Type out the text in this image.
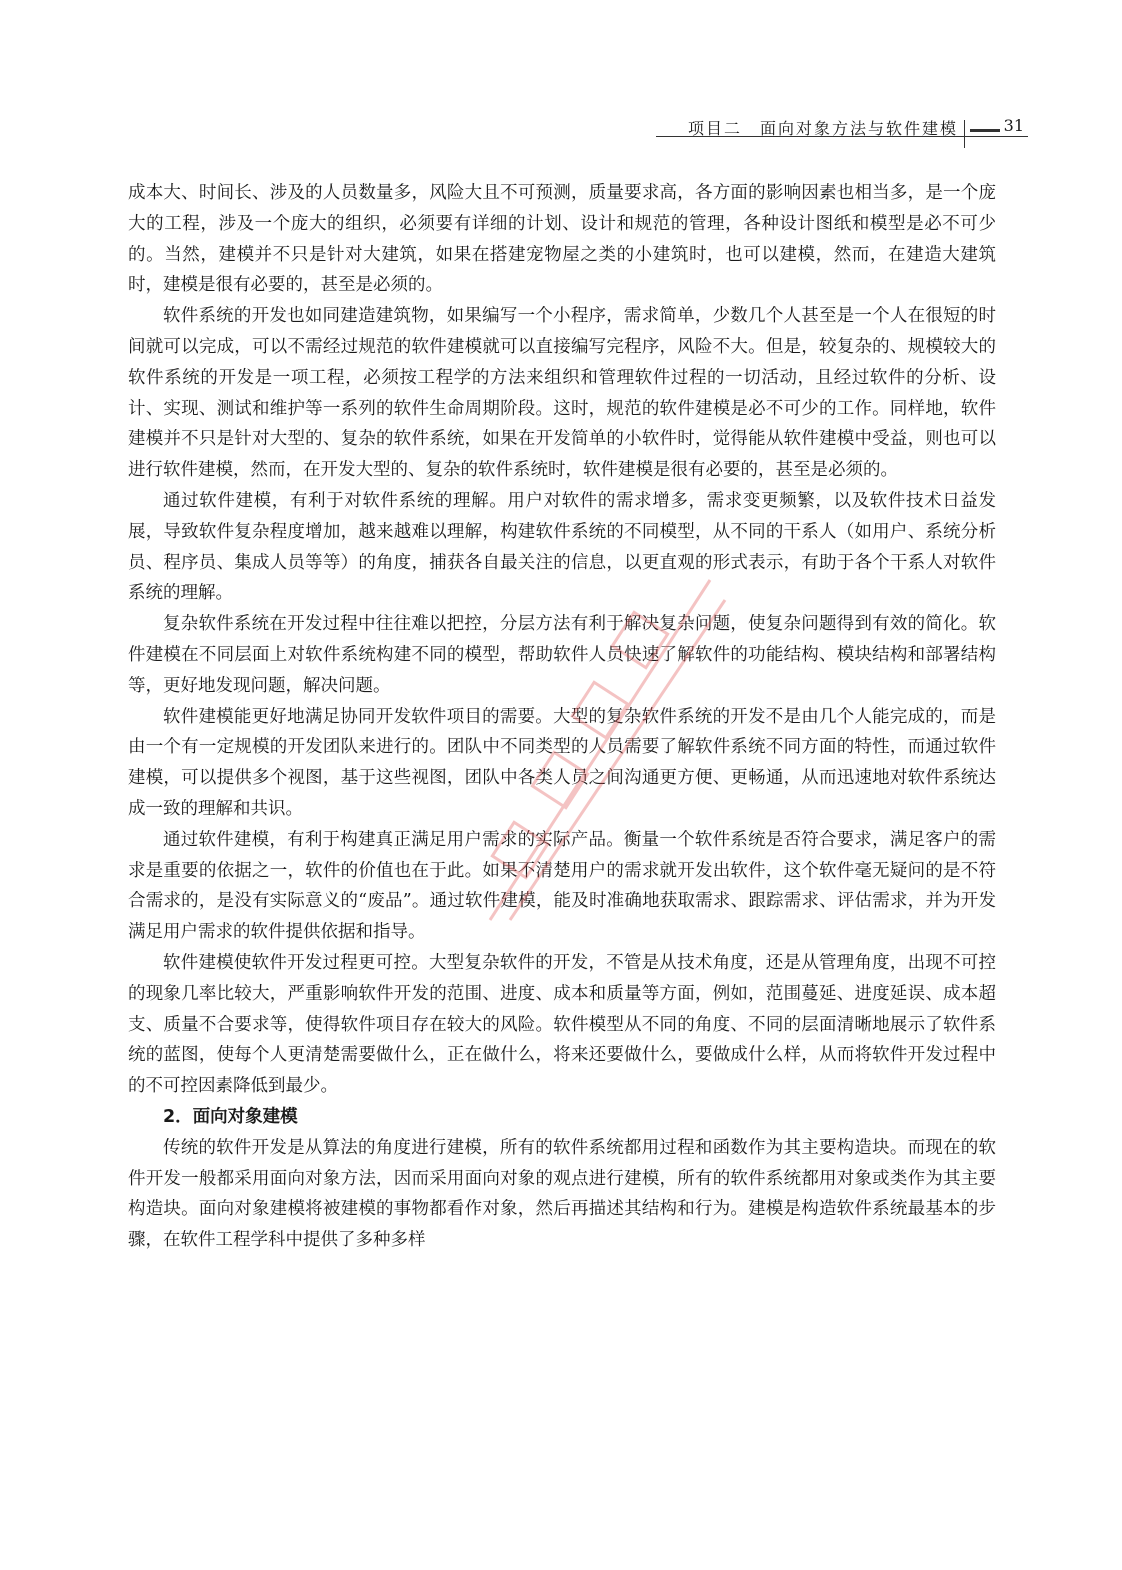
项目二　面向对象方法与软件建模	31

成本大、时间长、涉及的人员数量多，风险大且不可预测，质量要求高，各方面的影响因素也相当多，是一个庞大的工程，涉及一个庞大的组织，必须要有详细的计划、设计和规范的管理，各种设计图纸和模型是必不可少的。当然，建模并不只是针对大建筑，如果在搭建宠物屋之类的小建筑时，也可以建模，然而，在建造大建筑时，建模是很有必要的，甚至是必须的。

软件系统的开发也如同建造建筑物，如果编写一个小程序，需求简单，少数几个人甚至是一个人在很短的时间就可以完成，可以不需经过规范的软件建模就可以直接编写完程序，风险不大。但是，较复杂的、规模较大的软件系统的开发是一项工程，必须按工程学的方法来组织和管理软件过程的一切活动，且经过软件的分析、设计、实现、测试和维护等一系列的软件生命周期阶段。这时，规范的软件建模是必不可少的工作。同样地，软件建模并不只是针对大型的、复杂的软件系统，如果在开发简单的小软件时，觉得能从软件建模中受益，则也可以进行软件建模，然而，在开发大型的、复杂的软件系统时，软件建模是很有必要的，甚至是必须的。

通过软件建模，有利于对软件系统的理解。用户对软件的需求增多，需求变更频繁，以及软件技术日益发展，导致软件复杂程度增加，越来越难以理解，构建软件系统的不同模型，从不同的干系人（如用户、系统分析员、程序员、集成人员等等）的角度，捕获各自最关注的信息，以更直观的形式表示，有助于各个干系人对软件系统的理解。

复杂软件系统在开发过程中往往难以把控，分层方法有利于解决复杂问题，使复杂问题得到有效的简化。软件建模在不同层面上对软件系统构建不同的模型，帮助软件人员快速了解软件的功能结构、模块结构和部署结构等，更好地发现问题，解决问题。

软件建模能更好地满足协同开发软件项目的需要。大型的复杂软件系统的开发不是由几个人能完成的，而是由一个有一定规模的开发团队来进行的。团队中不同类型的人员需要了解软件系统不同方面的特性，而通过软件建模，可以提供多个视图，基于这些视图，团队中各类人员之间沟通更方便、更畅通，从而迅速地对软件系统达成一致的理解和共识。

通过软件建模，有利于构建真正满足用户需求的实际产品。衡量一个软件系统是否符合要求，满足客户的需求是重要的依据之一，软件的价值也在于此。如果不清楚用户的需求就开发出软件，这个软件毫无疑问的是不符合需求的，是没有实际意义的“废品”。通过软件建模，能及时准确地获取需求、跟踪需求、评估需求，并为开发满足用户需求的软件提供依据和指导。

软件建模使软件开发过程更可控。大型复杂软件的开发，不管是从技术角度，还是从管理角度，出现不可控的现象几率比较大，严重影响软件开发的范围、进度、成本和质量等方面，例如，范围蔓延、进度延误、成本超支、质量不合要求等，使得软件项目存在较大的风险。软件模型从不同的角度、不同的层面清晰地展示了软件系统的蓝图，使每个人更清楚需要做什么，正在做什么，将来还要做什么，要做成什么样，从而将软件开发过程中的不可控因素降低到最少。

2．面向对象建模

传统的软件开发是从算法的角度进行建模，所有的软件系统都用过程和函数作为其主要构造块。而现在的软件开发一般都采用面向对象方法，因而采用面向对象的观点进行建模，所有的软件系统都用对象或类作为其主要构造块。面向对象建模将被建模的事物都看作对象，然后再描述其结构和行为。建模是构造软件系统最基本的步骤，在软件工程学科中提供了多种多样
